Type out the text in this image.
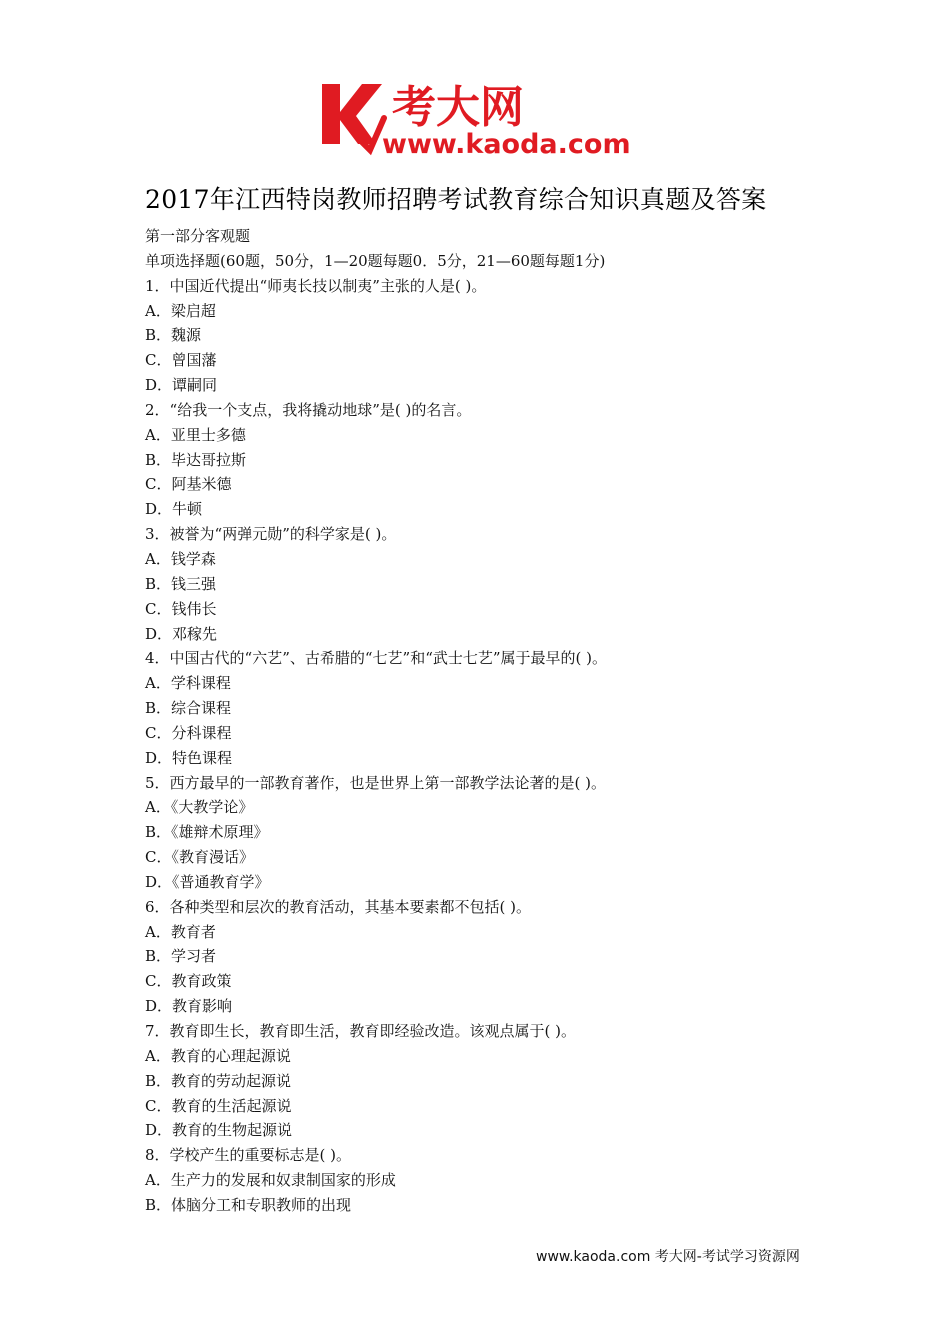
考大网
www.kaoda.com
2017年江西特岗教师招聘考试教育综合知识真题及答案
第一部分客观题
单项选择题(60题，50分，1—20题每题0．5分，21—60题每题1分)
1．中国近代提出“师夷长技以制夷”主张的人是( )。
A．梁启超
B．魏源
C．曾国藩
D．谭嗣同
2．“给我一个支点，我将撬动地球”是( )的名言。
A．亚里士多德
B．毕达哥拉斯
C．阿基米德
D．牛顿
3．被誉为“两弹元勋”的科学家是( )。
A．钱学森
B．钱三强
C．钱伟长
D．邓稼先
4．中国古代的“六艺”、古希腊的“七艺”和“武士七艺”属于最早的( )。
A．学科课程
B．综合课程
C．分科课程
D．特色课程
5．西方最早的一部教育著作，也是世界上第一部教学法论著的是( )。
A．《大教学论》
B．《雄辩术原理》
C．《教育漫话》
D．《普通教育学》
6．各种类型和层次的教育活动，其基本要素都不包括( )。
A．教育者
B．学习者
C．教育政策
D．教育影响
7．教育即生长，教育即生活，教育即经验改造。该观点属于( )。
A．教育的心理起源说
B．教育的劳动起源说
C．教育的生活起源说
D．教育的生物起源说
8．学校产生的重要标志是( )。
A．生产力的发展和奴隶制国家的形成
B．体脑分工和专职教师的出现
www.kaoda.com 考大网-考试学习资源网
